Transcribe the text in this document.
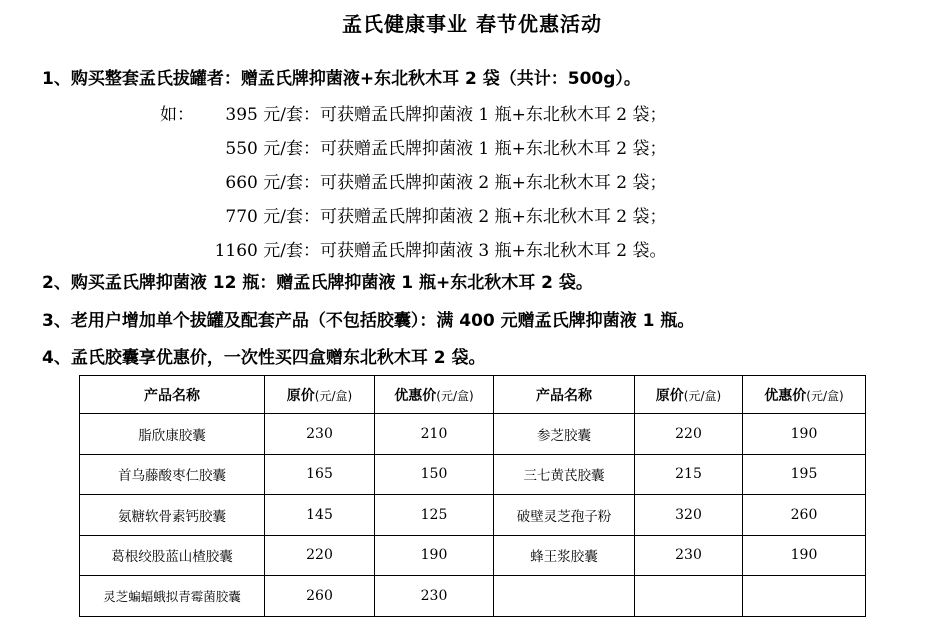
孟氏健康事业 春节优惠活动
1、购买整套孟氏拔罐者：赠孟氏牌抑菌液+东北秋木耳 2 袋（共计：500g）。
如： 395 元/套： 可获赠孟氏牌抑菌液 1 瓶+东北秋木耳 2 袋；
550 元/套： 可获赠孟氏牌抑菌液 1 瓶+东北秋木耳 2 袋；
660 元/套： 可获赠孟氏牌抑菌液 2 瓶+东北秋木耳 2 袋；
770 元/套： 可获赠孟氏牌抑菌液 2 瓶+东北秋木耳 2 袋；
1160 元/套： 可获赠孟氏牌抑菌液 3 瓶+东北秋木耳 2 袋。
2、购买孟氏牌抑菌液 12 瓶：赠孟氏牌抑菌液 1 瓶+东北秋木耳 2 袋。
3、老用户增加单个拔罐及配套产品（不包括胶囊）：满 400 元赠孟氏牌抑菌液 1 瓶。
4、孟氏胶囊享优惠价，一次性买四盒赠东北秋木耳 2 袋。
产品名称	原价(元/盒)	优惠价(元/盒)	产品名称	原价(元/盒)	优惠价(元/盒)
脂欣康胶囊	230	210	参芝胶囊	220	190
首乌藤酸枣仁胶囊	165	150	三七黄芪胶囊	215	195
氨糖软骨素钙胶囊	145	125	破壁灵芝孢子粉	320	260
葛根绞股蓝山楂胶囊	220	190	蜂王浆胶囊	230	190
灵芝蝙蝠蛾拟青霉菌胶囊	260	230			
